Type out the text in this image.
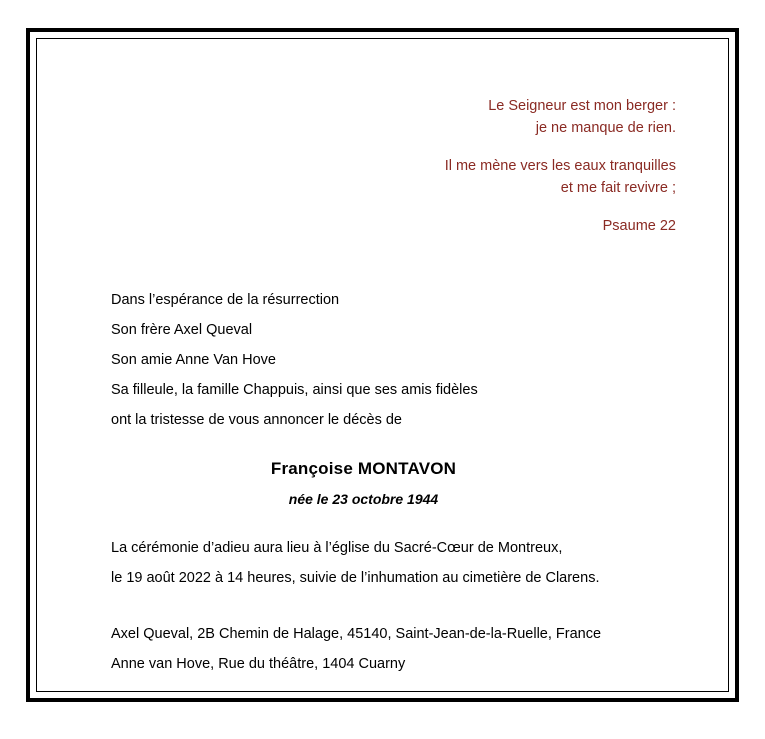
Le Seigneur est mon berger :
je ne manque de rien.
Il me mène vers les eaux tranquilles
et me fait revivre ;
Psaume 22
Dans l’espérance de la résurrection
Son frère Axel Queval
Son amie Anne Van Hove
Sa filleule, la famille Chappuis, ainsi que ses amis fidèles
ont la tristesse de vous annoncer le décès de
Françoise MONTAVON
née le 23 octobre 1944
La cérémonie d’adieu aura lieu à l’église du Sacré-Cœur de Montreux,
le 19 août 2022 à 14 heures, suivie de l’inhumation au cimetière de Clarens.
Axel Queval, 2B Chemin de Halage, 45140, Saint-Jean-de-la-Ruelle, France
Anne van Hove, Rue du théâtre, 1404 Cuarny
